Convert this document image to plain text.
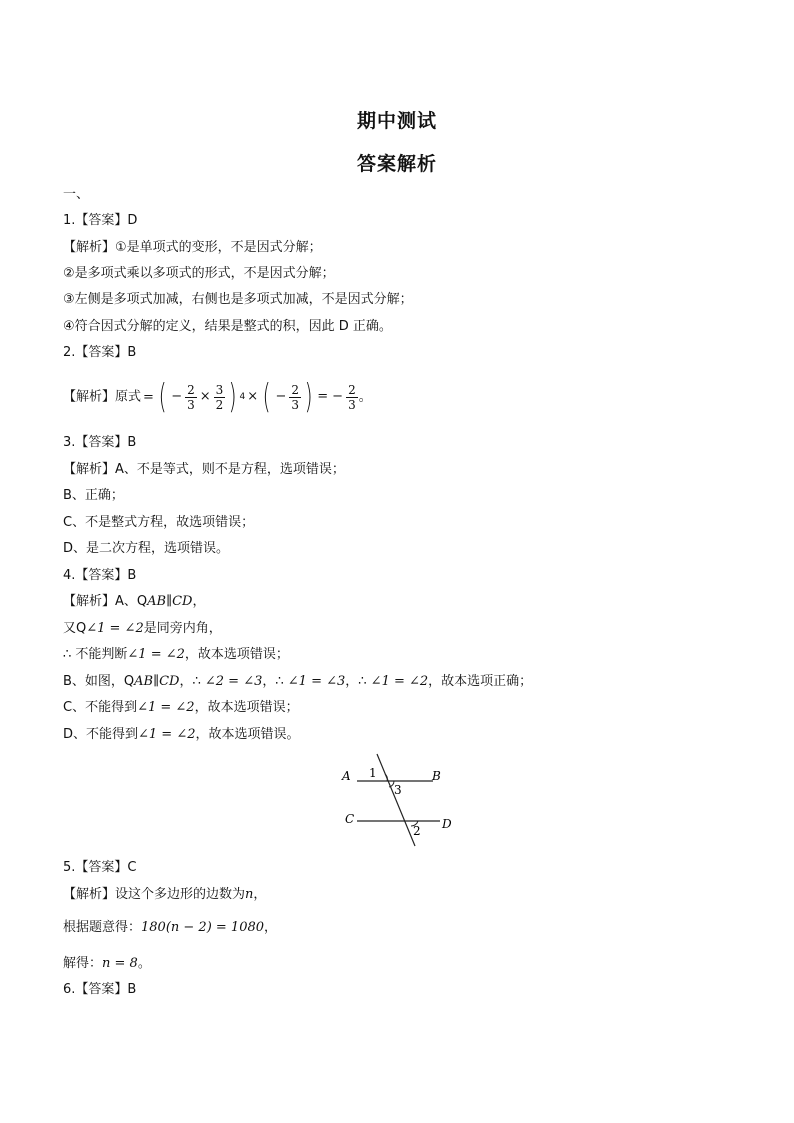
期中测试
答案解析
一、
1.【答案】D
【解析】①是单项式的变形，不是因式分解；
②是多项式乘以多项式的形式，不是因式分解；
③左侧是多项式加减，右侧也是多项式加减，不是因式分解；
④符合因式分解的定义，结果是整式的积，因此 D 正确。
2.【答案】B
【解析】原式 = ( − $\frac{2}{3} \times \frac{3}{2}$ ) 4 × ( − $\frac{2}{3}$ ) = − $\frac{2}{3}$ 。
3.【答案】B
【解析】A、不是等式，则不是方程，选项错误；
B、正确；
C、不是整式方程，故选项错误；
D、是二次方程，选项错误。
4.【答案】B
【解析】A、QAB∥CD，
又Q∠1 = ∠2是同旁内角，
∴ 不能判断∠1 = ∠2，故本选项错误；
B、如图，QAB∥CD，∴ ∠2 = ∠3，∴ ∠1 = ∠3，∴ ∠1 = ∠2，故本选项正确；
C、不能得到∠1 = ∠2，故本选项错误；
D、不能得到∠1 = ∠2，故本选项错误。
A	B
C	D
1
3
2
5.【答案】C
【解析】设这个多边形的边数为n，
根据题意得：180(n − 2) = 1080，
解得：n = 8。
6.【答案】B
